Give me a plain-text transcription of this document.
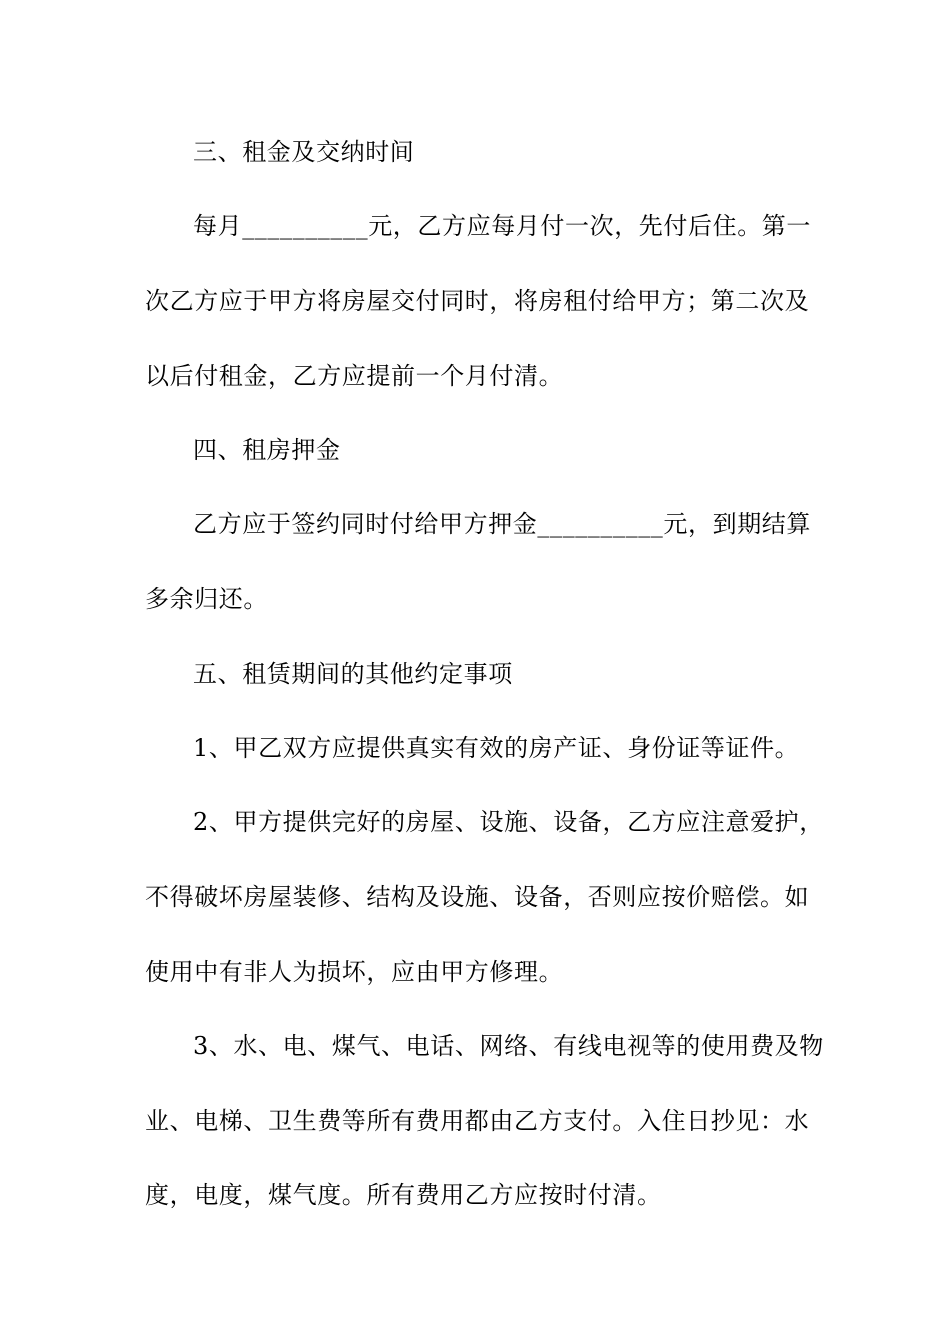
三、租金及交纳时间
每月__________元，乙方应每月付一次，先付后住。第一
次乙方应于甲方将房屋交付同时，将房租付给甲方；第二次及
以后付租金，乙方应提前一个月付清。
四、租房押金
乙方应于签约同时付给甲方押金__________元，到期结算
多余归还。
五、租赁期间的其他约定事项
1、甲乙双方应提供真实有效的房产证、身份证等证件。
2、甲方提供完好的房屋、设施、设备，乙方应注意爱护，
不得破坏房屋装修、结构及设施、设备，否则应按价赔偿。如
使用中有非人为损坏，应由甲方修理。
3、水、电、煤气、电话、网络、有线电视等的使用费及物
业、电梯、卫生费等所有费用都由乙方支付。入住日抄见：水
度，电度，煤气度。所有费用乙方应按时付清。
